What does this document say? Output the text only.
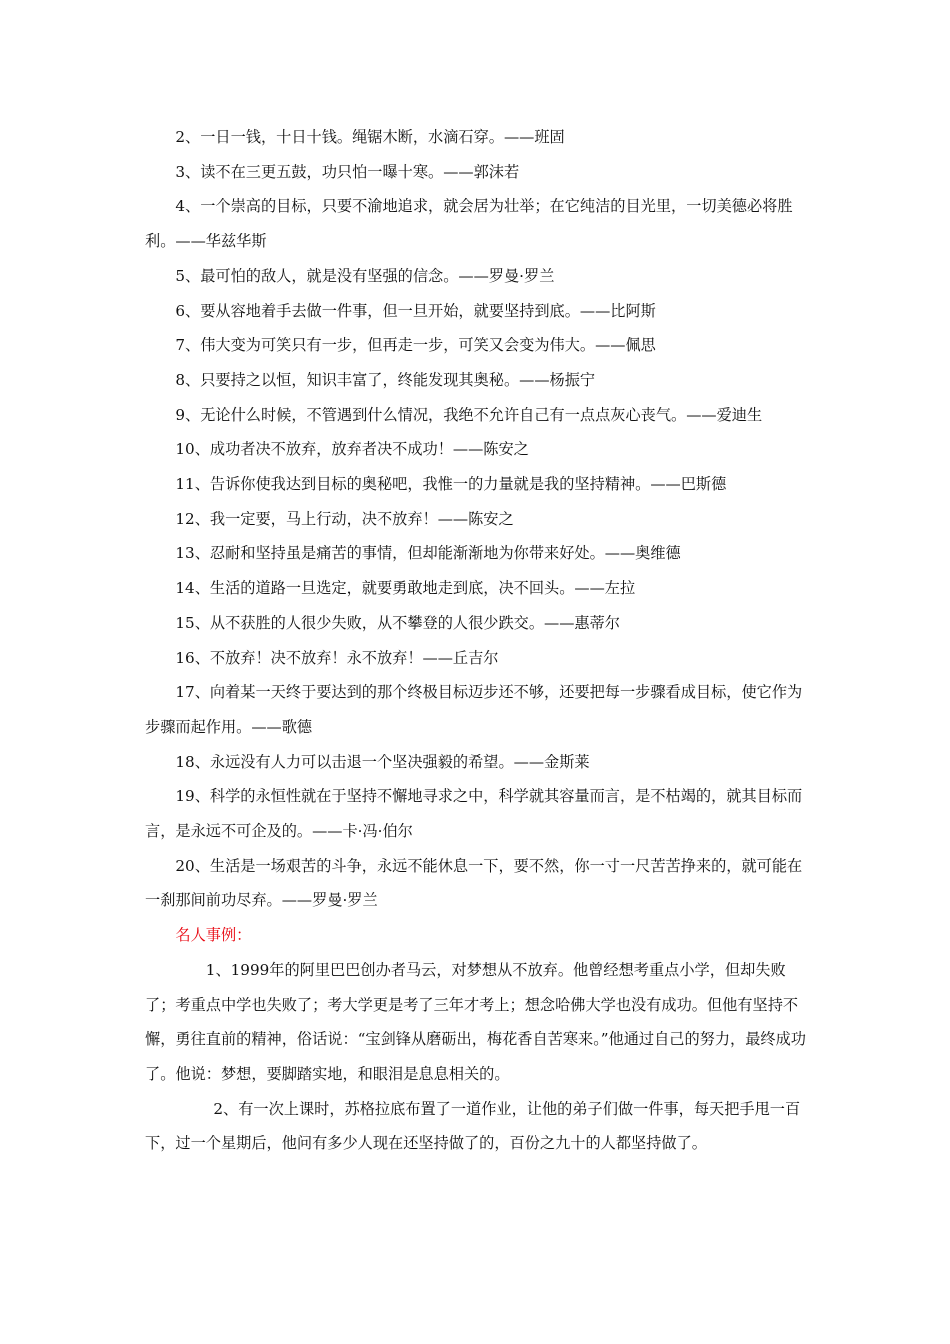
2、一日一钱，十日十钱。绳锯木断，水滴石穿。——班固

3、读不在三更五鼓，功只怕一曝十寒。——郭沫若

4、一个崇高的目标，只要不渝地追求，就会居为壮举；在它纯洁的目光里，一切美德必将胜利。——华兹华斯

5、最可怕的敌人，就是没有坚强的信念。——罗曼·罗兰

6、要从容地着手去做一件事，但一旦开始，就要坚持到底。——比阿斯

7、伟大变为可笑只有一步，但再走一步，可笑又会变为伟大。——佩思

8、只要持之以恒，知识丰富了，终能发现其奥秘。——杨振宁

9、无论什么时候，不管遇到什么情况，我绝不允许自己有一点点灰心丧气。——爱迪生

10、成功者决不放弃，放弃者决不成功！——陈安之

11、告诉你使我达到目标的奥秘吧，我惟一的力量就是我的坚持精神。——巴斯德

12、我一定要，马上行动，决不放弃！——陈安之

13、忍耐和坚持虽是痛苦的事情，但却能渐渐地为你带来好处。——奥维德

14、生活的道路一旦选定，就要勇敢地走到底，决不回头。——左拉

15、从不获胜的人很少失败，从不攀登的人很少跌交。——惠蒂尔

16、不放弃！决不放弃！永不放弃！——丘吉尔

17、向着某一天终于要达到的那个终极目标迈步还不够，还要把每一步骤看成目标，使它作为步骤而起作用。——歌德

18、永远没有人力可以击退一个坚决强毅的希望。——金斯莱

19、科学的永恒性就在于坚持不懈地寻求之中，科学就其容量而言，是不枯竭的，就其目标而言，是永远不可企及的。——卡·冯·伯尔

20、生活是一场艰苦的斗争，永远不能休息一下，要不然，你一寸一尺苦苦挣来的，就可能在一刹那间前功尽弃。——罗曼·罗兰

名人事例：

1、1999年的阿里巴巴创办者马云，对梦想从不放弃。他曾经想考重点小学，但却失败了；考重点中学也失败了；考大学更是考了三年才考上；想念哈佛大学也没有成功。但他有坚持不懈，勇往直前的精神，俗话说：“宝剑锋从磨砺出，梅花香自苦寒来。”他通过自己的努力，最终成功了。他说：梦想，要脚踏实地，和眼泪是息息相关的。

2、有一次上课时，苏格拉底布置了一道作业，让他的弟子们做一件事，每天把手甩一百下，过一个星期后，他问有多少人现在还坚持做了的，百份之九十的人都坚持做了。
